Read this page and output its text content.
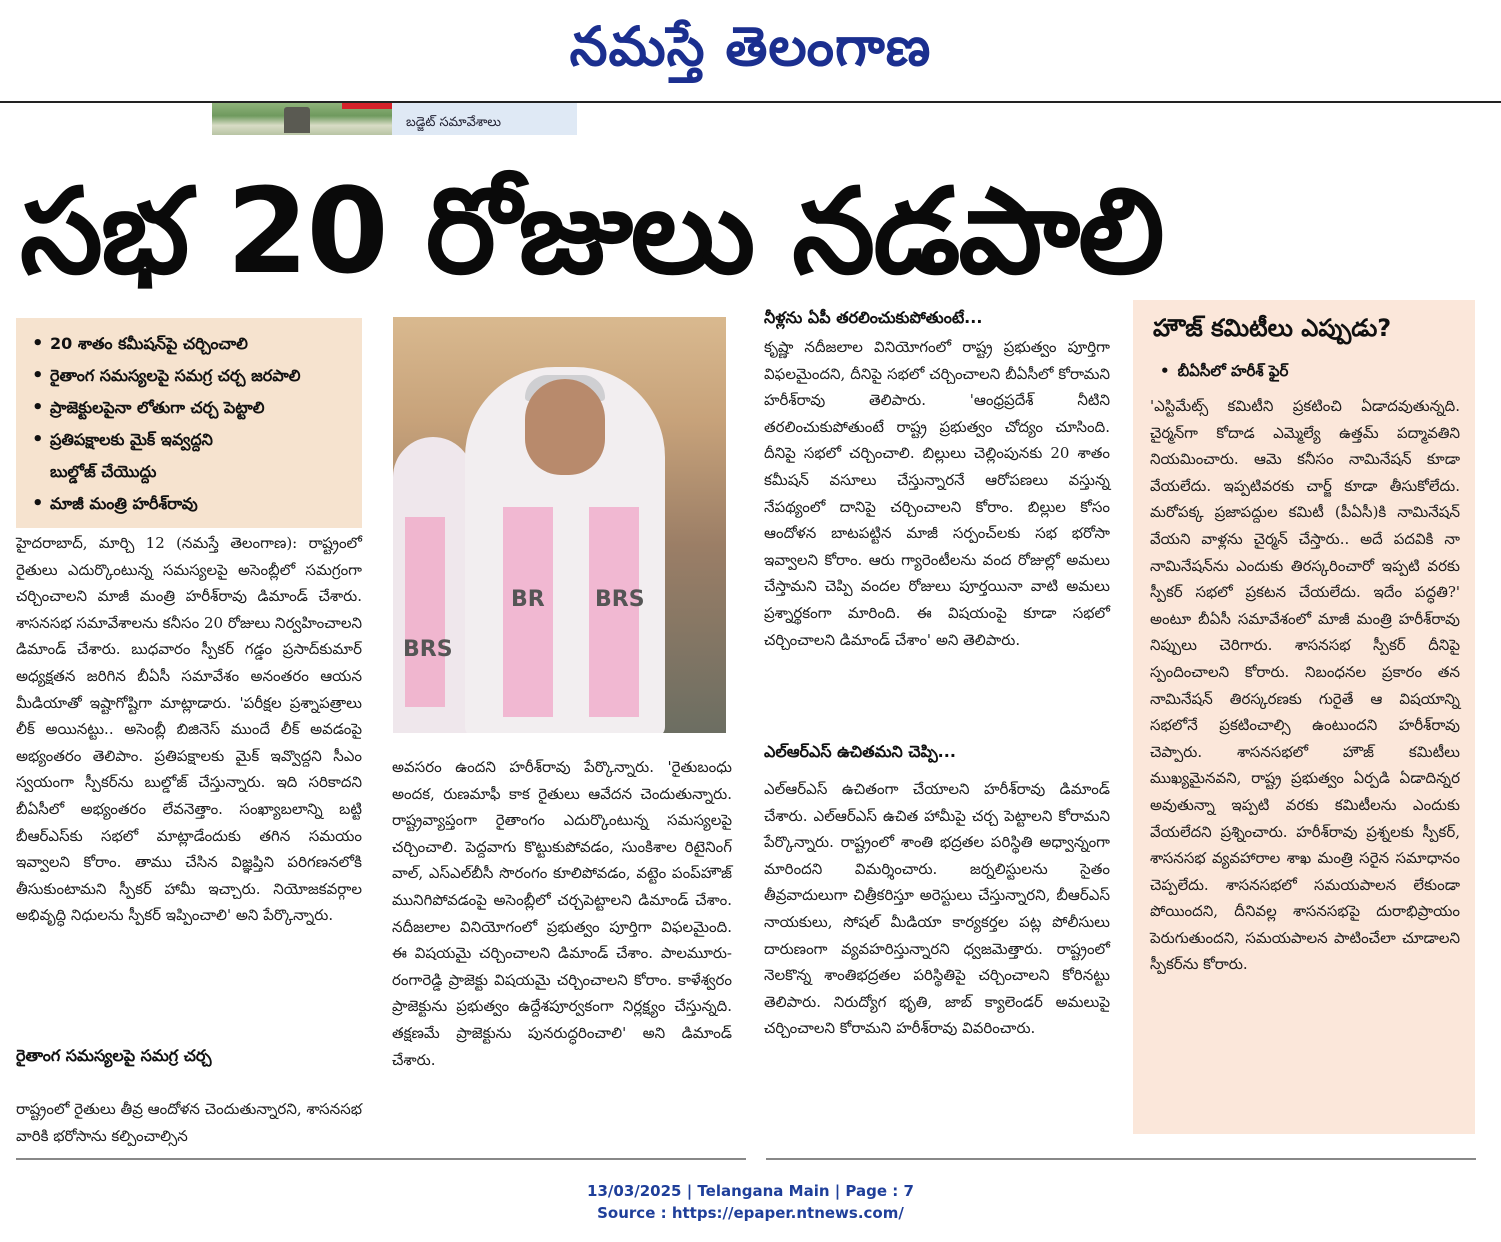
నమస్తే తెలంగాణ
బడ్జెట్ సమావేశాలు
సభ 20 రోజులు నడపాలి
• 20 శాతం కమీషన్‌పై చర్చించాలి
• రైతాంగ సమస్యలపై సమగ్ర చర్చ జరపాలి
• ప్రాజెక్టులపైనా లోతుగా చర్చ పెట్టాలి
• ప్రతిపక్షాలకు మైక్ ఇవ్వద్దని
బుల్డోజ్ చేయొద్దు
• మాజీ మంత్రి హరీశ్‌రావు

హైదరాబాద్, మార్చి 12 (నమస్తే తెలంగాణ): రాష్ట్రంలో రైతులు ఎదుర్కొంటున్న సమస్యలపై అసెంబ్లీలో సమగ్రంగా చర్చించాలని మాజీ మంత్రి హరీశ్‌రావు డిమాండ్ చేశారు. శాసనసభ సమావేశాలను కనీసం 20 రోజులు నిర్వహించాలని డిమాండ్ చేశారు. బుధవారం స్పీకర్ గడ్డం ప్రసాద్‌కుమార్ అధ్యక్షతన జరిగిన బీఏసీ సమావేశం అనంతరం ఆయన మీడియాతో ఇష్టాగోష్టిగా మాట్లాడారు. 'పరీక్షల ప్రశ్నాపత్రాలు లీక్ అయినట్టు.. అసెంబ్లీ బిజినెస్ ముందే లీక్ అవడంపై అభ్యంతరం తెలిపాం. ప్రతిపక్షాలకు మైక్ ఇవ్వొద్దని సీఎం స్వయంగా స్పీకర్‌ను బుల్డోజ్ చేస్తున్నారు. ఇది సరికాదని బీఏసీలో అభ్యంతరం లేవనెత్తాం. సంఖ్యాబలాన్ని బట్టి బీఆర్‌ఎస్‌కు సభలో మాట్లాడేందుకు తగిన సమయం ఇవ్వాలని కోరాం. తాము చేసిన విజ్ఞప్తిని పరిగణనలోకి తీసుకుంటామని స్పీకర్ హామీ ఇచ్చారు. నియోజకవర్గాల అభివృద్ధి నిధులను స్పీకర్ ఇప్పించాలి' అని పేర్కొన్నారు.

రైతాంగ సమస్యలపై సమగ్ర చర్చ

రాష్ట్రంలో రైతులు తీవ్ర ఆందోళన చెందుతున్నారని, శాసనసభ వారికి భరోసాను కల్పించాల్సిన

BRS
BR BRS

అవసరం ఉందని హరీశ్‌రావు పేర్కొన్నారు. 'రైతుబంధు అందక, రుణమాఫీ కాక రైతులు ఆవేదన చెందుతున్నారు. రాష్ట్రవ్యాప్తంగా రైతాంగం ఎదుర్కొంటున్న సమస్యలపై చర్చించాలి. పెద్దవాగు కొట్టుకుపోవడం, సుంకిశాల రిటైనింగ్ వాల్, ఎస్‌ఎల్‌బీసీ సొరంగం కూలిపోవడం, వట్టెం పంప్‌హౌజ్ మునిగిపోవడంపై అసెంబ్లీలో చర్చపెట్టాలని డిమాండ్ చేశాం. నదీజలాల వినియోగంలో ప్రభుత్వం పూర్తిగా విఫలమైంది. ఈ విషయమై చర్చించాలని డిమాండ్ చేశాం. పాలమూరు-రంగారెడ్డి ప్రాజెక్టు విషయమై చర్చించాలని కోరాం. కాళేశ్వరం ప్రాజెక్టును ప్రభుత్వం ఉద్దేశపూర్వకంగా నిర్లక్ష్యం చేస్తున్నది. తక్షణమే ప్రాజెక్టును పునరుద్ధరించాలి' అని డిమాండ్ చేశారు.

నీళ్లను ఏపీ తరలించుకుపోతుంటే...

కృష్ణా నదీజలాల వినియోగంలో రాష్ట్ర ప్రభుత్వం పూర్తిగా విఫలమైందని, దీనిపై సభలో చర్చించాలని బీఏసీలో కోరామని హరీశ్‌రావు తెలిపారు. 'ఆంధ్రప్రదేశ్ నీటిని తరలించుకుపోతుంటే రాష్ట్ర ప్రభుత్వం చోద్యం చూసింది. దీనిపై సభలో చర్చించాలి. బిల్లులు చెల్లింపునకు 20 శాతం కమీషన్ వసూలు చేస్తున్నారనే ఆరోపణలు వస్తున్న నేపథ్యంలో దానిపై చర్చించాలని కోరాం. బిల్లుల కోసం ఆందోళన బాటపట్టిన మాజీ సర్పంచ్‌లకు సభ భరోసా ఇవ్వాలని కోరాం. ఆరు గ్యారెంటీలను వంద రోజుల్లో అమలు చేస్తామని చెప్పి వందల రోజులు పూర్తయినా వాటి అమలు ప్రశ్నార్థకంగా మారింది. ఈ విషయంపై కూడా సభలో చర్చించాలని డిమాండ్ చేశాం' అని తెలిపారు.

ఎల్‌ఆర్‌ఎస్ ఉచితమని చెప్పి...

ఎల్‌ఆర్‌ఎస్ ఉచితంగా చేయాలని హరీశ్‌రావు డిమాండ్ చేశారు. ఎల్‌ఆర్‌ఎస్ ఉచిత హామీపై చర్చ పెట్టాలని కోరామని పేర్కొన్నారు. రాష్ట్రంలో శాంతి భద్రతల పరిస్థితి అధ్వాన్నంగా మారిందని విమర్శించారు. జర్నలిస్టులను సైతం తీవ్రవాదులుగా చిత్రీకరిస్తూ అరెస్టులు చేస్తున్నారని, బీఆర్‌ఎస్ నాయకులు, సోషల్ మీడియా కార్యకర్తల పట్ల పోలీసులు దారుణంగా వ్యవహరిస్తున్నారని ధ్వజమెత్తారు. రాష్ట్రంలో నెలకొన్న శాంతిభద్రతల పరిస్థితిపై చర్చించాలని కోరినట్టు తెలిపారు. నిరుద్యోగ భృతి, జాబ్ క్యాలెండర్ అమలుపై చర్చించాలని కోరామని హరీశ్‌రావు వివరించారు.

హౌజ్ కమిటీలు ఎప్పుడు?
• బీఏసీలో హరీశ్ ఫైర్

'ఎస్టిమేట్స్ కమిటీని ప్రకటించి ఏడాదవుతున్నది. చైర్మన్‌గా కోదాడ ఎమ్మెల్యే ఉత్తమ్ పద్మావతిని నియమించారు. ఆమె కనీసం నామినేషన్ కూడా వేయలేదు. ఇప్పటివరకు చార్జ్ కూడా తీసుకోలేదు. మరోపక్క ప్రజాపద్దుల కమిటీ (పీఏసీ)కి నామినేషన్ వేయని వాళ్లను చైర్మన్ చేస్తారు.. అదే పదవికి నా నామినేషన్‌ను ఎందుకు తిరస్కరించారో ఇప్పటి వరకు స్పీకర్ సభలో ప్రకటన చేయలేదు. ఇదేం పద్ధతి?' అంటూ బీఏసీ సమావేశంలో మాజీ మంత్రి హరీశ్‌రావు నిప్పులు చెరిగారు. శాసనసభ స్పీకర్ దీనిపై స్పందించాలని కోరారు. నిబంధనల ప్రకారం తన నామినేషన్ తిరస్కరణకు గురైతే ఆ విషయాన్ని సభలోనే ప్రకటించాల్సి ఉంటుందని హరీశ్‌రావు చెప్పారు. శాసనసభలో హౌజ్ కమిటీలు ముఖ్యమైనవని, రాష్ట్ర ప్రభుత్వం ఏర్పడి ఏడాదిన్నర అవుతున్నా ఇప్పటి వరకు కమిటీలను ఎందుకు వేయలేదని ప్రశ్నించారు. హరీశ్‌రావు ప్రశ్నలకు స్పీకర్, శాసనసభ వ్యవహారాల శాఖ మంత్రి సరైన సమాధానం చెప్పలేదు. శాసనసభలో సమయపాలన లేకుండా పోయిందని, దీనివల్ల శాసనసభపై దురాభిప్రాయం పెరుగుతుందని, సమయపాలన పాటించేలా చూడాలని స్పీకర్‌ను కోరారు.

13/03/2025 | Telangana Main | Page : 7
Source : https://epaper.ntnews.com/
